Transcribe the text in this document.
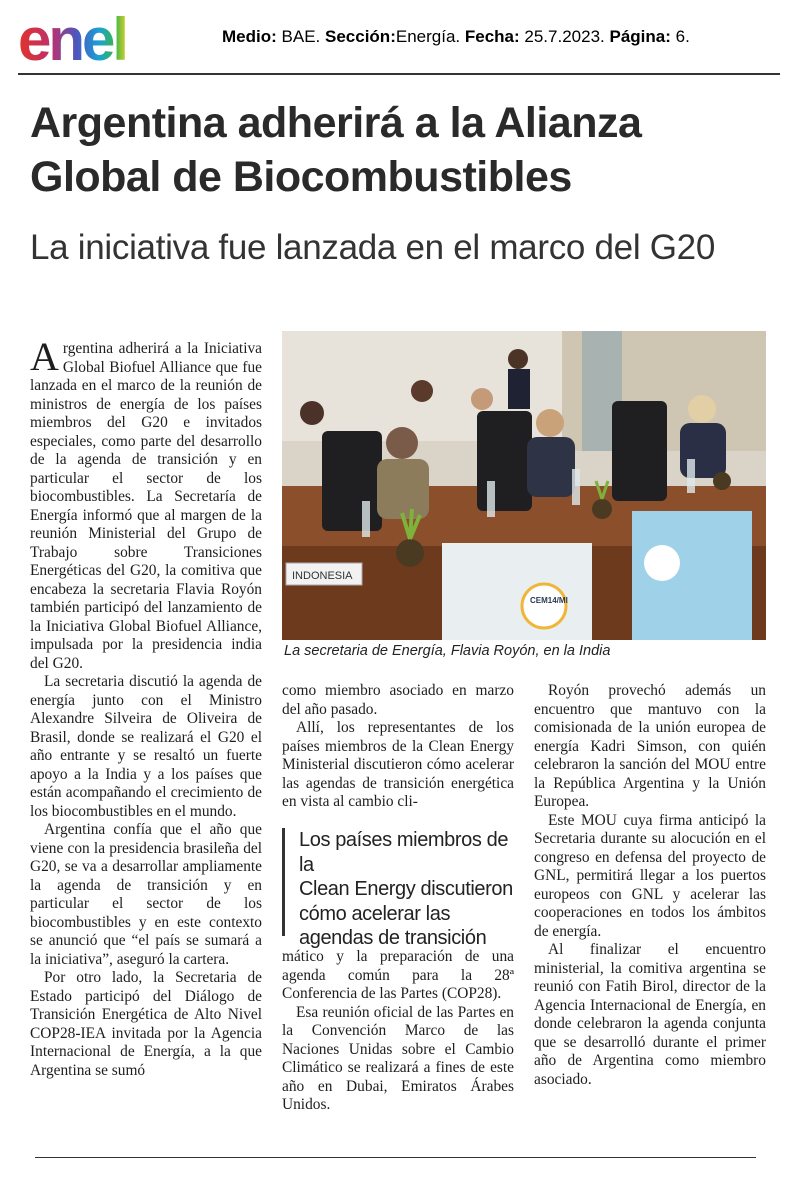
enel	Medio: BAE. Sección:Energía. Fecha: 25.7.2023. Página: 6.
Argentina adherirá a la Alianza
Global de Biocombustibles
La iniciativa fue lanzada en el marco del G20

Argentina adherirá a la Iniciativa Global Biofuel Alliance que fue lanzada en el marco de la reunión de ministros de energía de los países miembros del G20 e invitados especiales, como parte del desarrollo de la agenda de transición y en particular el sector de los biocombustibles. La Secretaría de Energía informó que al margen de la reunión Ministerial del Grupo de Trabajo sobre Transiciones Energéticas del G20, la comitiva que encabeza la secretaria Flavia Royón también participó del lanzamiento de la Iniciativa Global Biofuel Alliance, impulsada por la presidencia india del G20.

La secretaria discutió la agenda de energía junto con el Ministro Alexandre Silveira de Oliveira de Brasil, donde se realizará el G20 el año entrante y se resaltó un fuerte apoyo a la India y a los países que están acompañando el crecimiento de los biocombustibles en el mundo.

Argentina confía que el año que viene con la presidencia brasileña del G20, se va a desarrollar ampliamente la agenda de transición y en particular el sector de los biocombustibles y en este contexto se anunció que “el país se sumará a la iniciativa”, aseguró la cartera.

Por otro lado, la Secretaria de Estado participó del Diálogo de Transición Energética de Alto Nivel COP28-IEA invitada por la Agencia Internacional de Energía, a la que Argentina se sumó

CEM14/MI
INDONESIA
La secretaria de Energía, Flavia Royón, en la India

como miembro asociado en marzo del año pasado.

Allí, los representantes de los países miembros de la Clean Energy Ministerial discutieron cómo acelerar las agendas de transición energética en vista al cambio cli-

Los países miembros de la
Clean Energy discutieron
cómo acelerar las
agendas de transición

mático y la preparación de una agenda común para la 28ª Conferencia de las Partes (COP28).

Esa reunión oficial de las Partes en la Convención Marco de las Naciones Unidas sobre el Cambio Climático se realizará a fines de este año en Dubai, Emiratos Árabes Unidos.

Royón provechó además un encuentro que mantuvo con la comisionada de la unión europea de energía Kadri Simson, con quién celebraron la sanción del MOU entre la República Argentina y la Unión Europea.

Este MOU cuya firma anticipó la Secretaria durante su alocución en el congreso en defensa del proyecto de GNL, permitirá llegar a los puertos europeos con GNL y acelerar las cooperaciones en todos los ámbitos de energía.

Al finalizar el encuentro ministerial, la comitiva argentina se reunió con Fatih Birol, director de la Agencia Internacional de Energía, en donde celebraron la agenda conjunta que se desarrolló durante el primer año de Argentina como miembro asociado.
